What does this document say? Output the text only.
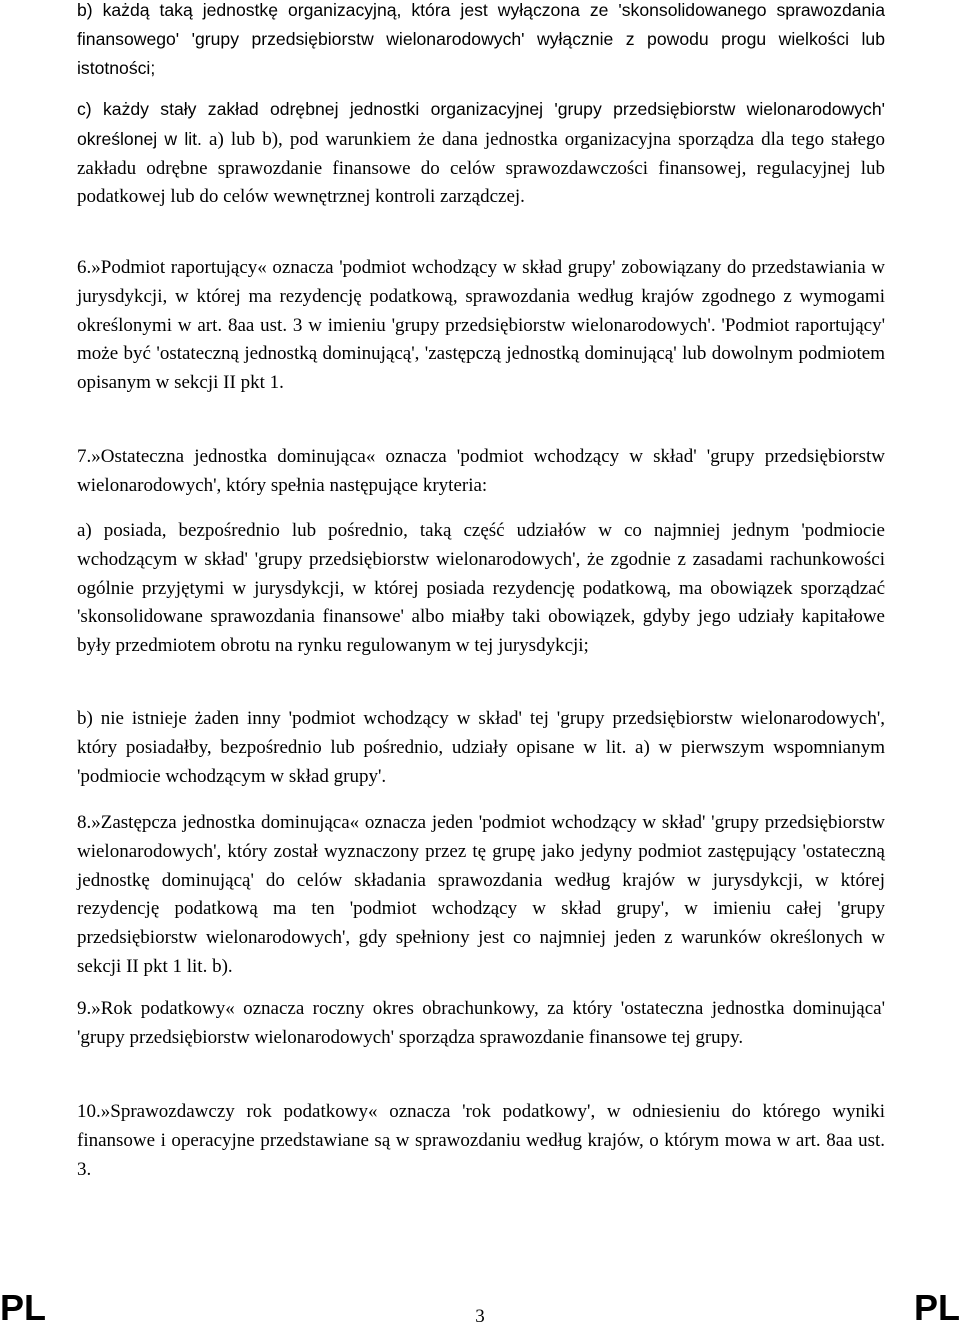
b) każdą taką jednostkę organizacyjną, która jest wyłączona ze 'skonsolidowanego sprawozdania finansowego' 'grupy przedsiębiorstw wielonarodowych' wyłącznie z powodu progu wielkości lub istotności;

c) każdy stały zakład odrębnej jednostki organizacyjnej 'grupy przedsiębiorstw wielonarodowych' określonej w lit. a) lub b), pod warunkiem że dana jednostka organizacyjna sporządza dla tego stałego zakładu odrębne sprawozdanie finansowe do celów sprawozdawczości finansowej, regulacyjnej lub podatkowej lub do celów wewnętrznej kontroli zarządczej.

6.»Podmiot raportujący« oznacza 'podmiot wchodzący w skład grupy' zobowiązany do przedstawiania w jurysdykcji, w której ma rezydencję podatkową, sprawozdania według krajów zgodnego z wymogami określonymi w art. 8aa ust. 3 w imieniu 'grupy przedsiębiorstw wielonarodowych'. 'Podmiot raportujący' może być 'ostateczną jednostką dominującą', 'zastępczą jednostką dominującą' lub dowolnym podmiotem opisanym w sekcji II pkt 1.

7.»Ostateczna jednostka dominująca« oznacza 'podmiot wchodzący w skład' 'grupy przedsiębiorstw wielonarodowych', który spełnia następujące kryteria:

a) posiada, bezpośrednio lub pośrednio, taką część udziałów w co najmniej jednym 'podmiocie wchodzącym w skład' 'grupy przedsiębiorstw wielonarodowych', że zgodnie z zasadami rachunkowości ogólnie przyjętymi w jurysdykcji, w której posiada rezydencję podatkową, ma obowiązek sporządzać 'skonsolidowane sprawozdania finansowe' albo miałby taki obowiązek, gdyby jego udziały kapitałowe były przedmiotem obrotu na rynku regulowanym w tej jurysdykcji;

b) nie istnieje żaden inny 'podmiot wchodzący w skład' tej 'grupy przedsiębiorstw wielonarodowych', który posiadałby, bezpośrednio lub pośrednio, udziały opisane w lit. a) w pierwszym wspomnianym 'podmiocie wchodzącym w skład grupy'.

8.»Zastępcza jednostka dominująca« oznacza jeden 'podmiot wchodzący w skład' 'grupy przedsiębiorstw wielonarodowych', który został wyznaczony przez tę grupę jako jedyny podmiot zastępujący 'ostateczną jednostkę dominującą' do celów składania sprawozdania według krajów w jurysdykcji, w której rezydencję podatkową ma ten 'podmiot wchodzący w skład grupy', w imieniu całej 'grupy przedsiębiorstw wielonarodowych', gdy spełniony jest co najmniej jeden z warunków określonych w sekcji II pkt 1 lit. b).

9.»Rok podatkowy« oznacza roczny okres obrachunkowy, za który 'ostateczna jednostka dominująca' 'grupy przedsiębiorstw wielonarodowych' sporządza sprawozdanie finansowe tej grupy.

10.»Sprawozdawczy rok podatkowy« oznacza 'rok podatkowy', w odniesieniu do którego wyniki finansowe i operacyjne przedstawiane są w sprawozdaniu według krajów, o którym mowa w art. 8aa ust. 3.

PL	3	PL
